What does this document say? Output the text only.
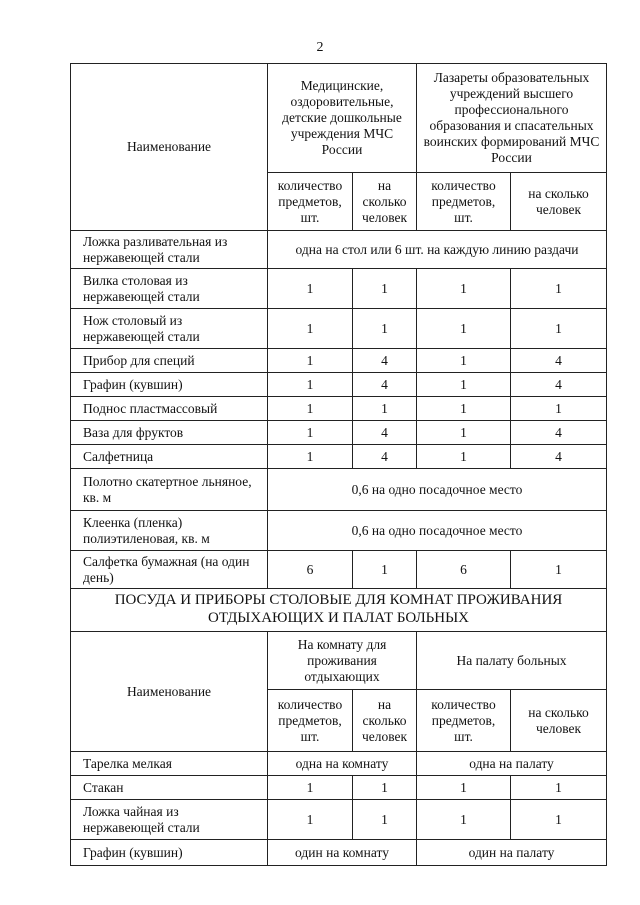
2
Наименование	Медицинские, оздоровительные, детские дошкольные учреждения МЧС России		Лазареты образовательных учреждений высшего профессионального образования и спасательных воинских формирований МЧС России	
	количество предметов, шт.	на сколько человек	количество предметов, шт.	на сколько человек
Ложка разливательная из нержавеющей стали	одна на стол или 6 шт. на каждую линию раздачи			
Вилка столовая из нержавеющей стали	1	1	1	1
Нож столовый из нержавеющей стали	1	1	1	1
Прибор для специй	1	4	1	4
Графин (кувшин)	1	4	1	4
Поднос пластмассовый	1	1	1	1
Ваза для фруктов	1	4	1	4
Салфетница	1	4	1	4
Полотно скатертное льняное, кв. м	0,6 на одно посадочное место			
Клеенка (пленка) полиэтиленовая, кв. м	0,6 на одно посадочное место			
Салфетка бумажная (на один день)	6	1	6	1
ПОСУДА И ПРИБОРЫ СТОЛОВЫЕ ДЛЯ КОМНАТ ПРОЖИВАНИЯ ОТДЫХАЮЩИХ И ПАЛАТ БОЛЬНЫХ				
Наименование	На комнату для проживания отдыхающих		На палату больных	
	количество предметов, шт.	на сколько человек	количество предметов, шт.	на сколько человек
Тарелка мелкая	одна на комнату		одна на палату	
Стакан	1	1	1	1
Ложка чайная из нержавеющей стали	1	1	1	1
Графин (кувшин)	один на комнату		один на палату	
